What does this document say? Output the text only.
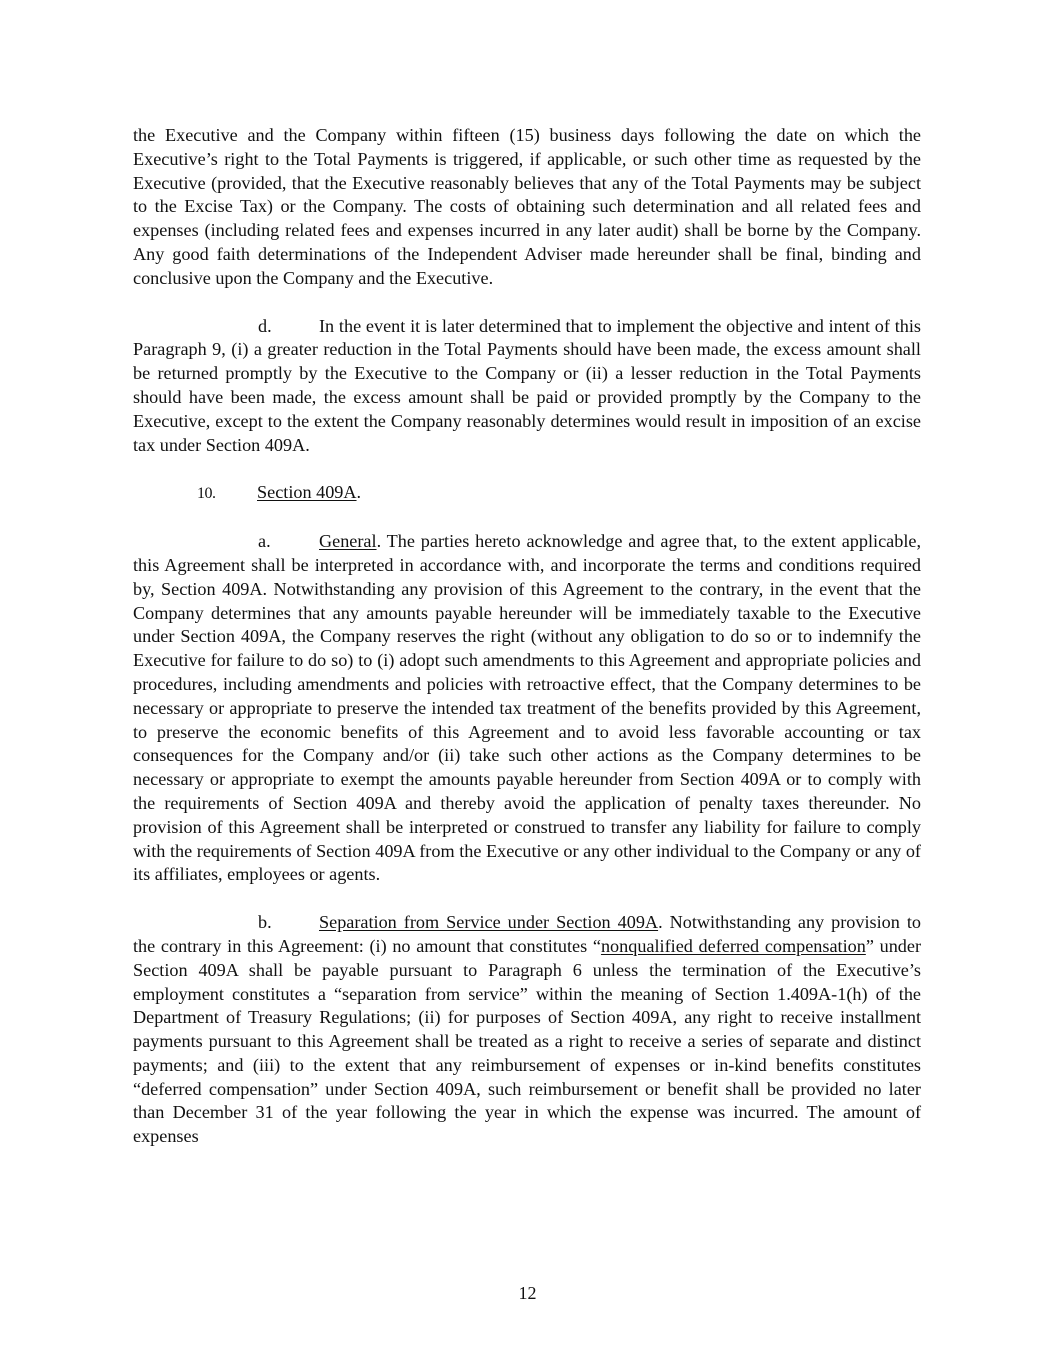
the Executive and the Company within fifteen (15) business days following the date on which the Executive’s right to the Total Payments is triggered, if applicable, or such other time as requested by the Executive (provided, that the Executive reasonably believes that any of the Total Payments may be subject to the Excise Tax) or the Company. The costs of obtaining such determination and all related fees and expenses (including related fees and expenses incurred in any later audit) shall be borne by the Company. Any good faith determinations of the Independent Adviser made hereunder shall be final, binding and conclusive upon the Company and the Executive.

d.	In the event it is later determined that to implement the objective and intent of this Paragraph 9, (i) a greater reduction in the Total Payments should have been made, the excess amount shall be returned promptly by the Executive to the Company or (ii) a lesser reduction in the Total Payments should have been made, the excess amount shall be paid or provided promptly by the Company to the Executive, except to the extent the Company reasonably determines would result in imposition of an excise tax under Section 409A.

10. Section 409A.

a.	General. The parties hereto acknowledge and agree that, to the extent applicable, this Agreement shall be interpreted in accordance with, and incorporate the terms and conditions required by, Section 409A. Notwithstanding any provision of this Agreement to the contrary, in the event that the Company determines that any amounts payable hereunder will be immediately taxable to the Executive under Section 409A, the Company reserves the right (without any obligation to do so or to indemnify the Executive for failure to do so) to (i) adopt such amendments to this Agreement and appropriate policies and procedures, including amendments and policies with retroactive effect, that the Company determines to be necessary or appropriate to preserve the intended tax treatment of the benefits provided by this Agreement, to preserve the economic benefits of this Agreement and to avoid less favorable accounting or tax consequences for the Company and/or (ii) take such other actions as the Company determines to be necessary or appropriate to exempt the amounts payable hereunder from Section 409A or to comply with the requirements of Section 409A and thereby avoid the application of penalty taxes thereunder. No provision of this Agreement shall be interpreted or construed to transfer any liability for failure to comply with the requirements of Section 409A from the Executive or any other individual to the Company or any of its affiliates, employees or agents.

b.	Separation from Service under Section 409A. Notwithstanding any provision to the contrary in this Agreement: (i) no amount that constitutes “nonqualified deferred compensation” under Section 409A shall be payable pursuant to Paragraph 6 unless the termination of the Executive’s employment constitutes a “separation from service” within the meaning of Section 1.409A-1(h) of the Department of Treasury Regulations; (ii) for purposes of Section 409A, any right to receive installment payments pursuant to this Agreement shall be treated as a right to receive a series of separate and distinct payments; and (iii) to the extent that any reimbursement of expenses or in-kind benefits constitutes “deferred compensation” under Section 409A, such reimbursement or benefit shall be provided no later than December 31 of the year following the year in which the expense was incurred. The amount of expenses

12
